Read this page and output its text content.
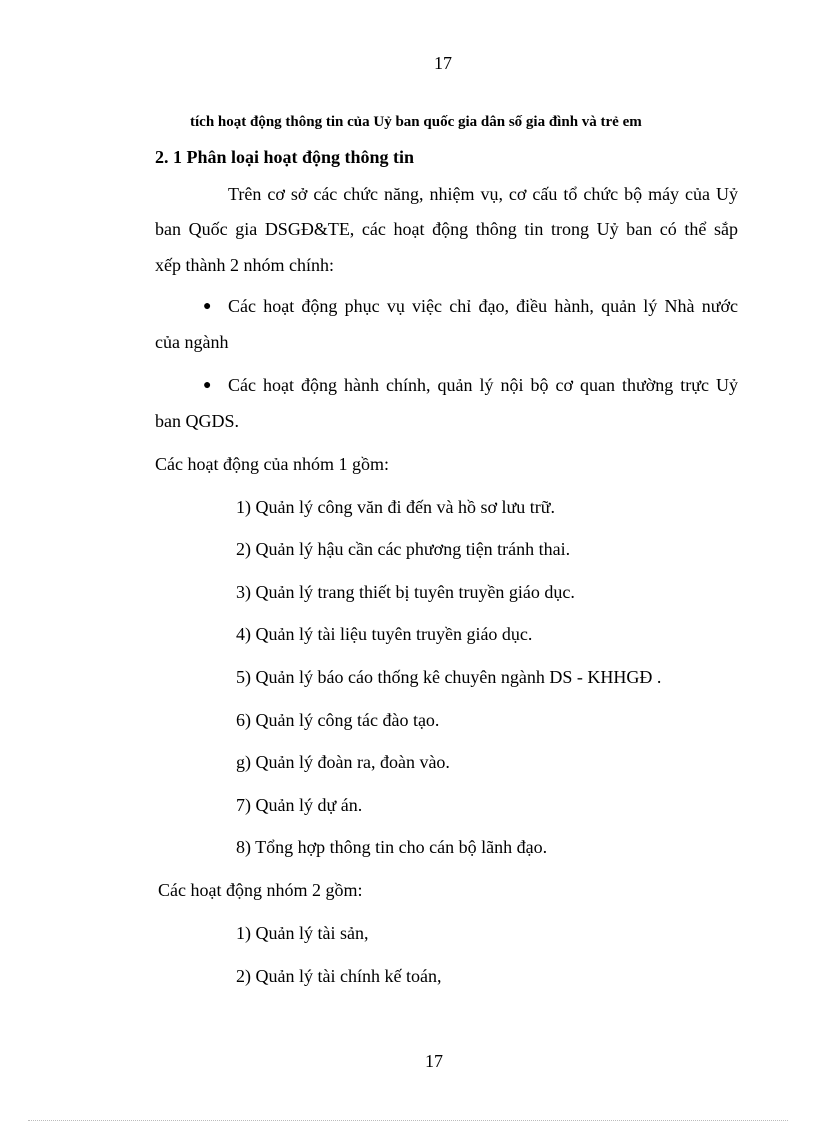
17
tích hoạt động thông tin của Uỷ ban quốc gia dân số gia đình và trẻ em
2. 1 Phân loại hoạt động thông tin
Trên cơ sở các chức năng, nhiệm vụ, cơ cấu tổ chức bộ máy của Uỷ
ban Quốc gia DSGĐ&TE, các hoạt động thông tin trong Uỷ ban có thể sắp
xếp thành 2 nhóm chính:
● Các hoạt động phục vụ việc chỉ đạo, điều hành, quản lý Nhà nước
của ngành
● Các hoạt động hành chính, quản lý nội bộ cơ quan thường trực Uỷ
ban QGDS.
Các hoạt động của nhóm 1 gồm:
1) Quản lý công văn đi đến và hồ sơ lưu trữ.
2) Quản lý hậu cần các phương tiện tránh thai.
3) Quản lý trang thiết bị tuyên truyền giáo dục.
4) Quản lý tài liệu tuyên truyền giáo dục.
5) Quản lý báo cáo thống kê chuyên ngành DS - KHHGĐ .
6) Quản lý công tác đào tạo.
g) Quản lý đoàn ra, đoàn vào.
7) Quản lý dự án.
8) Tổng hợp thông tin cho cán bộ lãnh đạo.
Các hoạt động nhóm 2 gồm:
1) Quản lý tài sản,
2) Quản lý tài chính kế toán,
17
